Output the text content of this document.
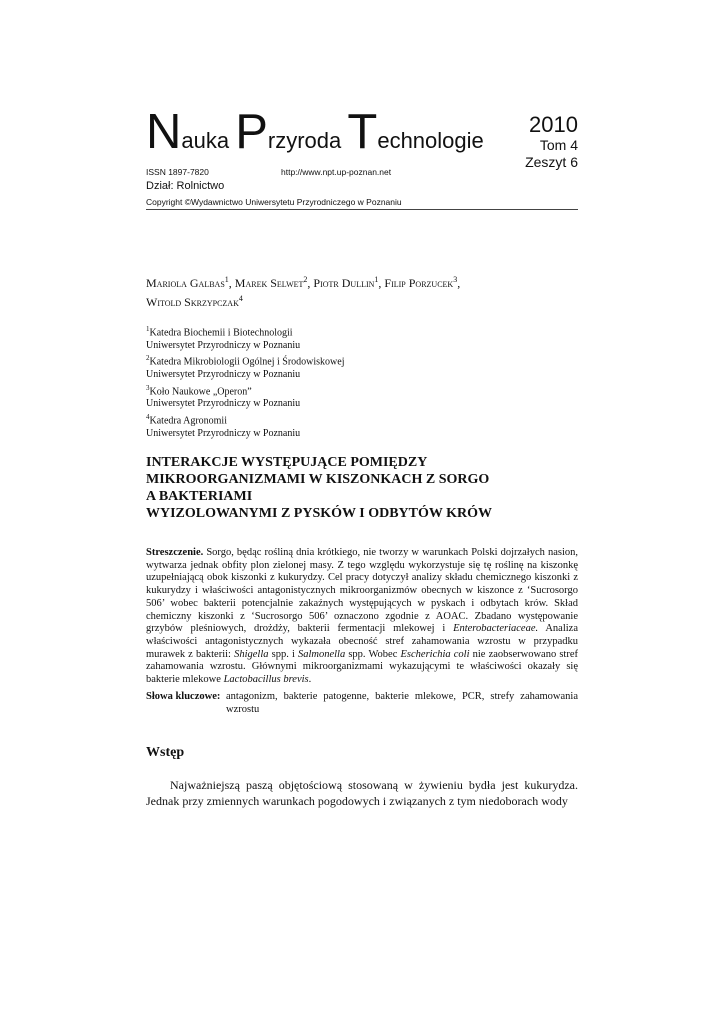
Nauka Przyroda Technologie
2010
Tom 4
Zeszyt 6
ISSN 1897-7820	http://www.npt.up-poznan.net
Dział: Rolnictwo
Copyright ©Wydawnictwo Uniwersytetu Przyrodniczego w Poznaniu
Mariola Galbas$^1$, Marek Selwet$^2$, Piotr Dullin$^1$, Filip Porzucek$^3$,
Witold Skrzypczak$^4$
$^1$Katedra Biochemii i Biotechnologii
Uniwersytet Przyrodniczy w Poznaniu
$^2$Katedra Mikrobiologii Ogólnej i Środowiskowej
Uniwersytet Przyrodniczy w Poznaniu
$^3$Koło Naukowe „Operon”
Uniwersytet Przyrodniczy w Poznaniu
$^4$Katedra Agronomii
Uniwersytet Przyrodniczy w Poznaniu
INTERAKCJE WYSTĘPUJĄCE POMIĘDZY
MIKROORGANIZMAMI W KISZONKACH Z SORGO
A BAKTERIAMI
WYIZOLOWANYMI Z PYSKÓW I ODBYTÓW KRÓW
Streszczenie. Sorgo, będąc rośliną dnia krótkiego, nie tworzy w warunkach Polski dojrzałych nasion, wytwarza jednak obfity plon zielonej masy. Z tego względu wykorzystuje się tę roślinę na kiszonkę uzupełniającą obok kiszonki z kukurydzy. Cel pracy dotyczył analizy składu chemicznego kiszonki z kukurydzy i właściwości antagonistycznych mikroorganizmów obecnych w kiszonce z ‘Sucrosorgo 506’ wobec bakterii potencjalnie zakaźnych występujących w pyskach i odbytach krów. Skład chemiczny kiszonki z ‘Sucrosorgo 506’ oznaczono zgodnie z AOAC. Zbadano występowanie grzybów pleśniowych, drożdży, bakterii fermentacji mlekowej i Enterobacteriaceae. Analiza właściwości antagonistycznych wykazała obecność stref zahamowania wzrostu w przypadku murawek z bakterii: Shigella spp. i Salmonella spp. Wobec Escherichia coli nie zaobserwowano stref zahamowania wzrostu. Głównymi mikroorganizmami wykazującymi te właściwości okazały się bakterie mlekowe Lactobacillus brevis.
Słowa kluczowe: antagonizm, bakterie patogenne, bakterie mlekowe, PCR, strefy zahamowania wzrostu
Wstęp
Najważniejszą paszą objętościową stosowaną w żywieniu bydła jest kukurydza. Jednak przy zmiennych warunkach pogodowych i związanych z tym niedoborach wody
